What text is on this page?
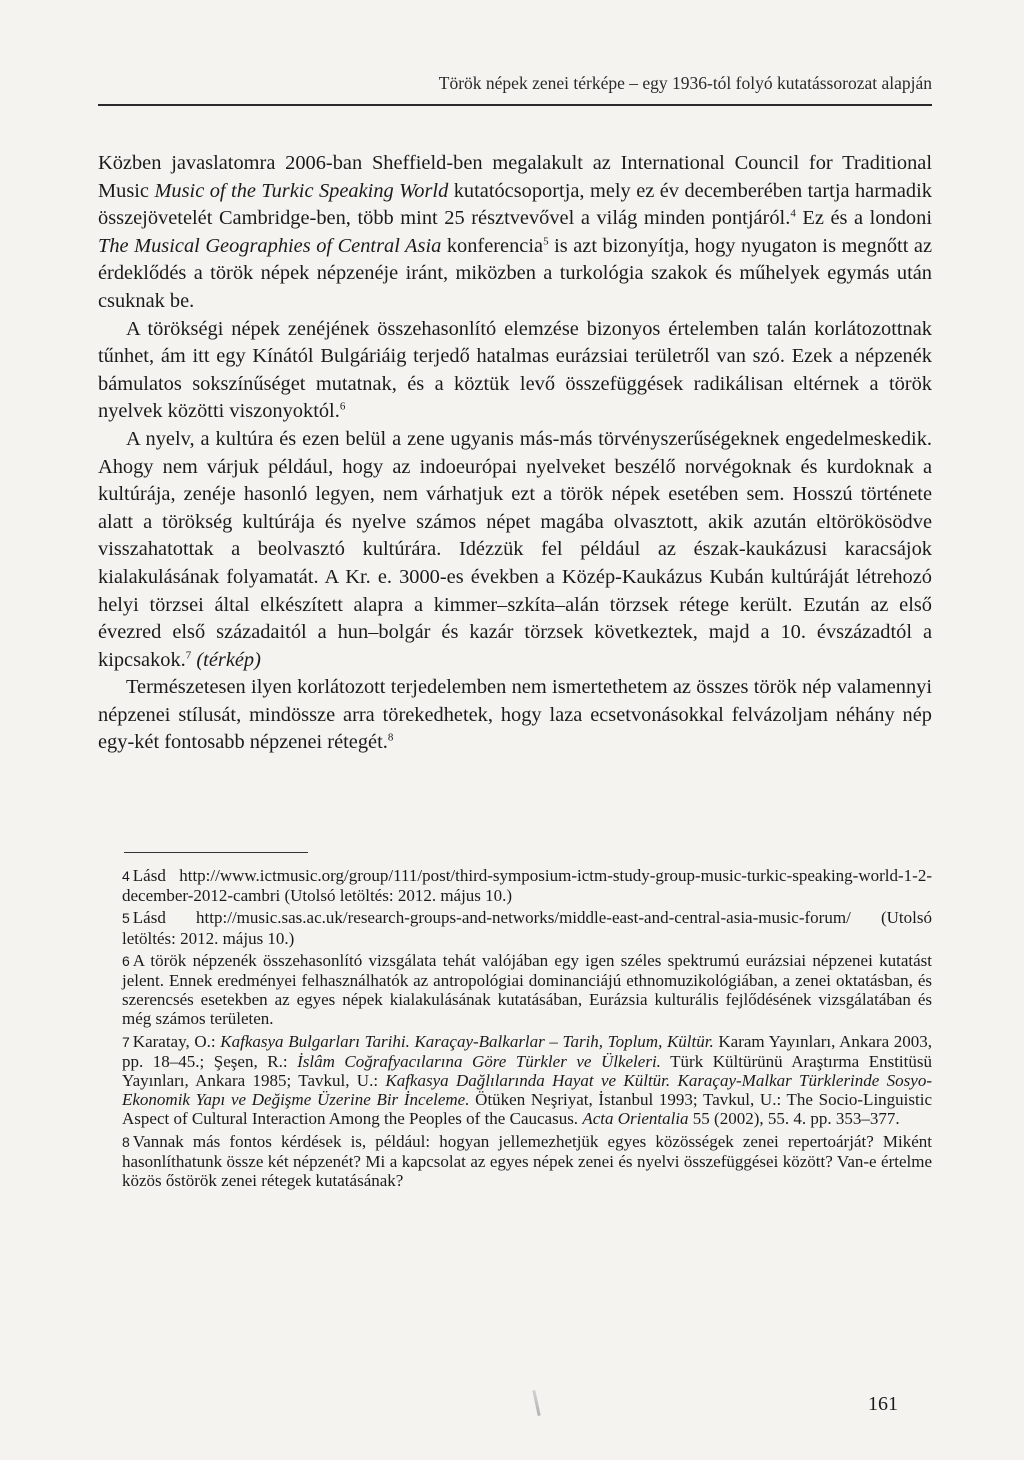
Török népek zenei térképe – egy 1936-tól folyó kutatássorozat alapján

Közben javaslatomra 2006-ban Sheffield-ben megalakult az International Council for Traditional Music Music of the Turkic Speaking World kutatócsoportja, mely ez év decemberében tartja harmadik összejövetelét Cambridge-ben, több mint 25 résztvevővel a világ minden pontjáról.$^4$ Ez és a londoni The Musical Geographies of Central Asia konferencia$^5$ is azt bizonyítja, hogy nyugaton is megnőtt az érdeklődés a török népek népzenéje iránt, miközben a turkológia szakok és műhelyek egymás után csuknak be.

A törökségi népek zenéjének összehasonlító elemzése bizonyos értelemben talán korlátozottnak tűnhet, ám itt egy Kínától Bulgáriáig terjedő hatalmas eurázsiai területről van szó. Ezek a népzenék bámulatos sokszínűséget mutatnak, és a köztük levő összefüggések radikálisan eltérnek a török nyelvek közötti viszonyoktól.$^6$

A nyelv, a kultúra és ezen belül a zene ugyanis más-más törvényszerűségeknek engedelmeskedik. Ahogy nem várjuk például, hogy az indoeurópai nyelveket beszélő norvégoknak és kurdoknak a kultúrája, zenéje hasonló legyen, nem várhatjuk ezt a török népek esetében sem. Hosszú története alatt a törökség kultúrája és nyelve számos népet magába olvasztott, akik azután eltörökösödve visszahatottak a beolvasztó kultúrára. Idézzük fel például az észak-kaukázusi karacsájok kialakulásának folyamatát. A Kr. e. 3000-es években a Közép-Kaukázus Kubán kultúráját létrehozó helyi törzsei által elkészített alapra a kimmer–szkíta–alán törzsek rétege került. Ezután az első évezred első századaitól a hun–bolgár és kazár törzsek következtek, majd a 10. évszázadtól a kipcsakok.$^7$ (térkép)

Természetesen ilyen korlátozott terjedelemben nem ismertethetem az összes török nép valamennyi népzenei stílusát, mindössze arra törekedhetek, hogy laza ecsetvonásokkal felvázoljam néhány nép egy-két fontosabb népzenei rétegét.$^8$

4 Lásd http://www.ictmusic.org/group/111/post/third-symposium-ictm-study-group-music-turkic-speaking-world-1-2-december-2012-cambri (Utolsó letöltés: 2012. május 10.)
5 Lásd http://music.sas.ac.uk/research-groups-and-networks/middle-east-and-central-asia-music-forum/ (Utolsó letöltés: 2012. május 10.)
6 A török népzenék összehasonlító vizsgálata tehát valójában egy igen széles spektrumú eurázsiai népzenei kutatást jelent. Ennek eredményei felhasználhatók az antropológiai dominanciájú ethnomuzikológiában, a zenei oktatásban, és szerencsés esetekben az egyes népek kialakulásának kutatásában, Eurázsia kulturális fejlődésének vizsgálatában és még számos területen.
7 Karatay, O.: Kafkasya Bulgarları Tarihi. Karaçay-Balkarlar – Tarih, Toplum, Kültür. Karam Yayınları, Ankara 2003, pp. 18–45.; Şeşen, R.: İslâm Coğrafyacılarına Göre Türkler ve Ülkeleri. Türk Kültürünü Araştırma Enstitüsü Yayınları, Ankara 1985; Tavkul, U.: Kafkasya Dağlılarında Hayat ve Kültür. Karaçay-Malkar Türklerinde Sosyo-Ekonomik Yapı ve Değişme Üzerine Bir İnceleme. Ötüken Neşriyat, İstanbul 1993; Tavkul, U.: The Socio-Linguistic Aspect of Cultural Interaction Among the Peoples of the Caucasus. Acta Orientalia 55 (2002), 55. 4. pp. 353–377.
8 Vannak más fontos kérdések is, például: hogyan jellemezhetjük egyes közösségek zenei repertoárját? Miként hasonlíthatunk össze két népzenét? Mi a kapcsolat az egyes népek zenei és nyelvi összefüggései között? Van-e értelme közös őstörök zenei rétegek kutatásának?
161
